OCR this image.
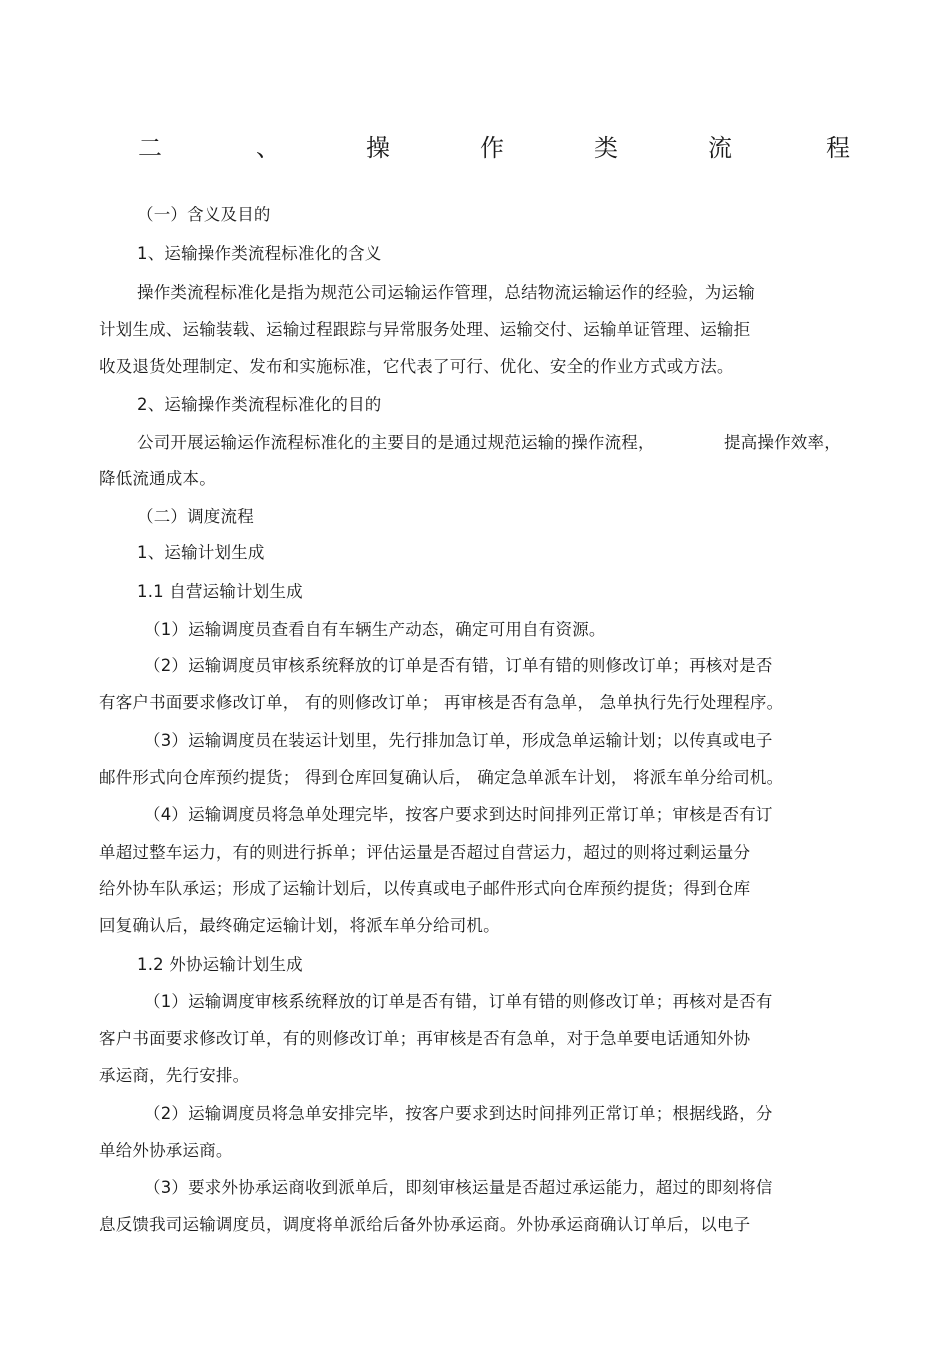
二	、	操	作	类	流	程
（一）含义及目的
1、运输操作类流程标准化的含义
操作类流程标准化是指为规范公司运输运作管理，总结物流运输运作的经验，为运输
计划生成、运输装载、运输过程跟踪与异常服务处理、运输交付、运输单证管理、运输拒
收及退货处理制定、发布和实施标准，它代表了可行、优化、安全的作业方式或方法。
2、运输操作类流程标准化的目的
公司开展运输运作流程标准化的主要目的是通过规范运输的操作流程，	提高操作效率，
降低流通成本。
（二）调度流程
1、运输计划生成
1.1 自营运输计划生成
（1）运输调度员查看自有车辆生产动态，确定可用自有资源。
（2）运输调度员审核系统释放的订单是否有错，订单有错的则修改订单；再核对是否
有客户书面要求修改订单， 有的则修改订单； 再审核是否有急单， 急单执行先行处理程序。
（3）运输调度员在装运计划里，先行排加急订单，形成急单运输计划；以传真或电子
邮件形式向仓库预约提货； 得到仓库回复确认后， 确定急单派车计划， 将派车单分给司机。
（4）运输调度员将急单处理完毕，按客户要求到达时间排列正常订单；审核是否有订
单超过整车运力，有的则进行拆单；评估运量是否超过自营运力，超过的则将过剩运量分
给外协车队承运；形成了运输计划后，以传真或电子邮件形式向仓库预约提货；得到仓库
回复确认后，最终确定运输计划，将派车单分给司机。
1.2 外协运输计划生成
（1）运输调度审核系统释放的订单是否有错，订单有错的则修改订单；再核对是否有
客户书面要求修改订单，有的则修改订单；再审核是否有急单，对于急单要电话通知外协
承运商，先行安排。
（2）运输调度员将急单安排完毕，按客户要求到达时间排列正常订单；根据线路，分
单给外协承运商。
（3）要求外协承运商收到派单后，即刻审核运量是否超过承运能力，超过的即刻将信
息反馈我司运输调度员，调度将单派给后备外协承运商。外协承运商确认订单后，以电子
